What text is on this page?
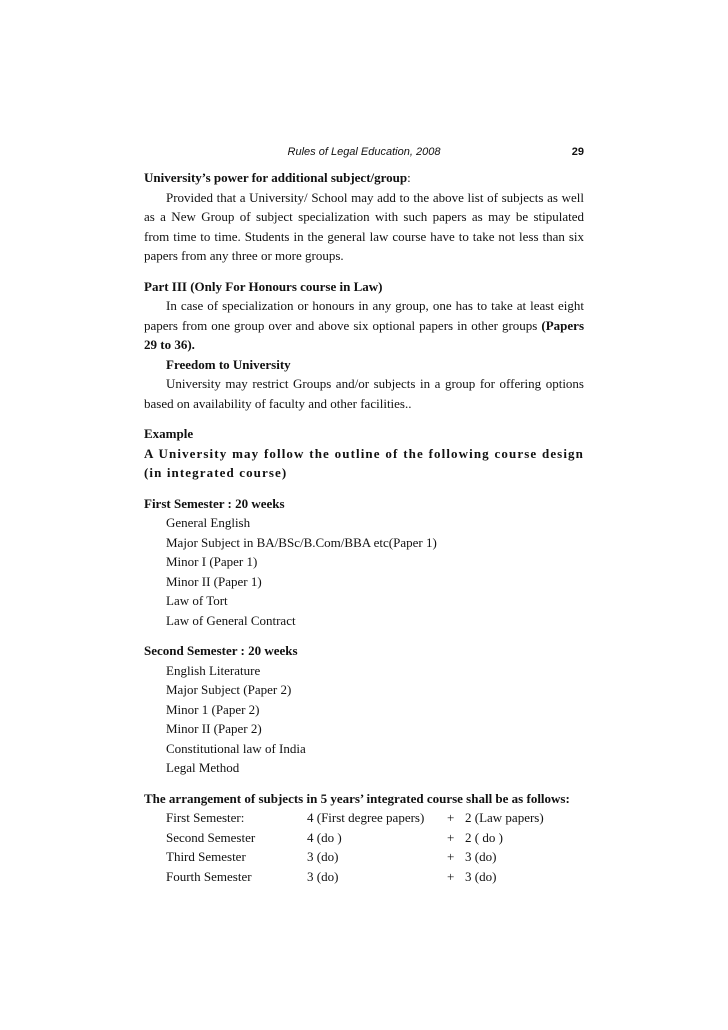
Rules of Legal Education, 2008	29

University’s power for additional subject/group:

Provided that a University/ School may add to the above list of subjects as well as a New Group of subject specialization with such papers as may be stipulated from time to time. Students in the general law course have to take not less than six papers from any three or more groups.

Part III (Only For Honours course in Law)

In case of specialization or honours in any group, one has to take at least eight papers from one group over and above six optional papers in other groups (Papers 29 to 36).

Freedom to University

University may restrict Groups and/or subjects in a group for offering options based on availability of faculty and other facilities..

Example

A University may follow the outline of the following course design (in integrated course)

First Semester : 20 weeks

General English
Major Subject in BA/BSc/B.Com/BBA etc(Paper 1)
Minor I (Paper 1)
Minor II (Paper 1)
Law of Tort
Law of General Contract

Second Semester : 20 weeks

English Literature
Major Subject (Paper 2)
Minor 1 (Paper 2)
Minor II (Paper 2)
Constitutional law of India
Legal Method

The arrangement of subjects in 5 years’ integrated course shall be as follows:

First Semester:	4 (First degree papers)	+ 2 (Law papers)
Second Semester	4 (do )	+ 2 ( do )
Third Semester	3 (do)	+ 3 (do)
Fourth Semester	3 (do)	+ 3 (do)
